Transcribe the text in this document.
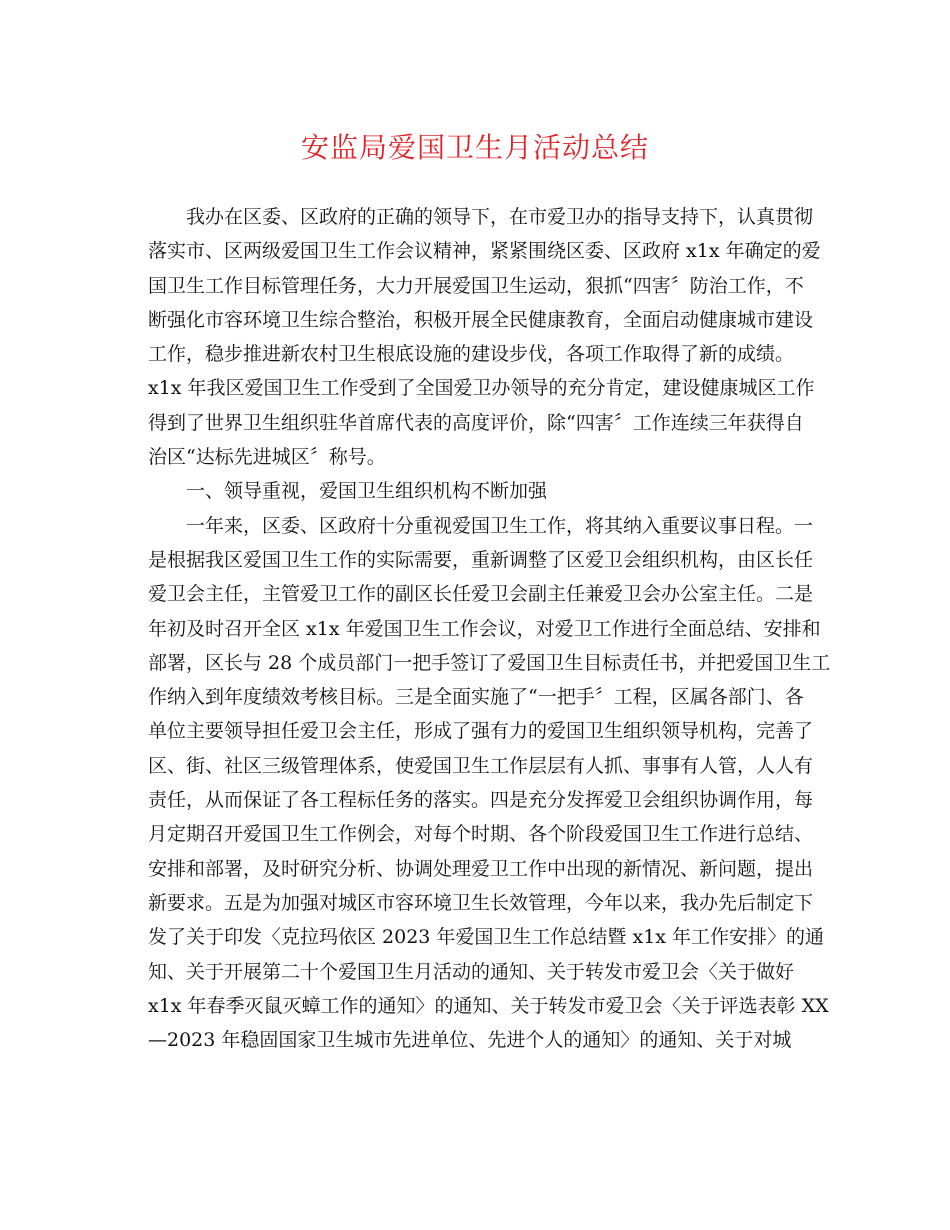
安监局爱国卫生月活动总结
我办在区委、区政府的正确的领导下，在市爱卫办的指导支持下，认真贯彻
落实市、区两级爱国卫生工作会议精神，紧紧围绕区委、区政府 x1x 年确定的爱
国卫生工作目标管理任务，大力开展爱国卫生运动，狠抓“四害〞防治工作，不
断强化市容环境卫生综合整治，积极开展全民健康教育，全面启动健康城市建设
工作，稳步推进新农村卫生根底设施的建设步伐，各项工作取得了新的成绩。
x1x 年我区爱国卫生工作受到了全国爱卫办领导的充分肯定，建设健康城区工作
得到了世界卫生组织驻华首席代表的高度评价，除“四害〞工作连续三年获得自
治区“达标先进城区〞称号。
一、领导重视，爱国卫生组织机构不断加强
一年来，区委、区政府十分重视爱国卫生工作，将其纳入重要议事日程。一
是根据我区爱国卫生工作的实际需要，重新调整了区爱卫会组织机构，由区长任
爱卫会主任，主管爱卫工作的副区长任爱卫会副主任兼爱卫会办公室主任。二是
年初及时召开全区 x1x 年爱国卫生工作会议，对爱卫工作进行全面总结、安排和
部署，区长与 28 个成员部门一把手签订了爱国卫生目标责任书，并把爱国卫生工
作纳入到年度绩效考核目标。三是全面实施了“一把手〞工程，区属各部门、各
单位主要领导担任爱卫会主任，形成了强有力的爱国卫生组织领导机构，完善了
区、街、社区三级管理体系，使爱国卫生工作层层有人抓、事事有人管，人人有
责任，从而保证了各工程标任务的落实。四是充分发挥爱卫会组织协调作用，每
月定期召开爱国卫生工作例会，对每个时期、各个阶段爱国卫生工作进行总结、
安排和部署，及时研究分析、协调处理爱卫工作中出现的新情况、新问题，提出
新要求。五是为加强对城区市容环境卫生长效管理，今年以来，我办先后制定下
发了关于印发〈克拉玛依区 2023 年爱国卫生工作总结暨 x1x 年工作安排〉的通
知、关于开展第二十个爱国卫生月活动的通知、关于转发市爱卫会〈关于做好
x1x 年春季灭鼠灭蟑工作的通知〉的通知、关于转发市爱卫会〈关于评选表彰 XX
—2023 年稳固国家卫生城市先进单位、先进个人的通知〉的通知、关于对城
